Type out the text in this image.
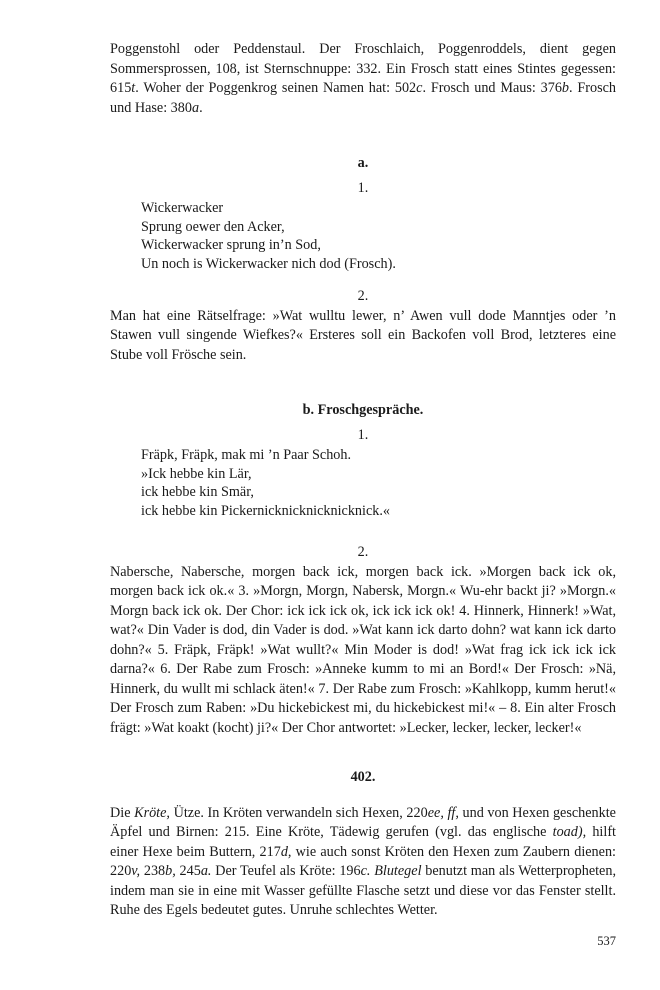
Poggenstohl oder Peddenstaul. Der Froschlaich, Poggenroddels, dient gegen Sommersprossen, 108, ist Sternschnuppe: 332. Ein Frosch statt eines Stintes gegessen: 615t. Woher der Poggenkrog seinen Namen hat: 502c. Frosch und Maus: 376b. Frosch und Hase: 380a.

a.
1.
Wickerwacker
Sprung oewer den Acker,
Wickerwacker sprung in’n Sod,
Un noch is Wickerwacker nich dod (Frosch).
2.

Man hat eine Rätselfrage: »Wat wulltu lewer, n’ Awen vull dode Manntjes oder ’n Stawen vull singende Wiefkes?« Ersteres soll ein Backofen voll Brod, letzteres eine Stube voll Frösche sein.

b. Froschgespräche.
1.
Fräрk, Fräрk, mak mi ’n Paar Schoh.
»Ick hebbe kin Lär,
ick hebbe kin Smär,
ick hebbe kin Pickernicknicknicknicknick.«
2.

Nabersche, Nabersche, morgen back ick, morgen back ick. »Morgen back ick ok, morgen back ick ok.« 3. »Morgn, Morgn, Nabersk, Morgn.« Wu-ehr backt ji? »Morgn.« Morgn back ick ok. Der Chor: ick ick ick ok, ick ick ick ok! 4. Hinnerk, Hinnerk! »Wat, wat?« Din Vader is dod, din Vader is dod. »Wat kann ick darto dohn? wat kann ick darto dohn?« 5. Fräрk, Fräрk! »Wat wullt?« Min Moder is dod! »Wat frag ick ick ick ick darna?« 6. Der Rabe zum Frosch: »Anneke kumm to mi an Bord!« Der Frosch: »Nä, Hinnerk, du wullt mi schlack äten!« 7. Der Rabe zum Frosch: »Kahlkopp, kumm herut!« Der Frosch zum Raben: »Du hickebickest mi, du hickebickest mi!« – 8. Ein alter Frosch frägt: »Wat koakt (kocht) ji?« Der Chor antwortet: »Lecker, lecker, lecker, lecker!«

402.

Die Kröte, Ütze. In Kröten verwandeln sich Hexen, 220ee, ff, und von Hexen geschenkte Äpfel und Birnen: 215. Eine Kröte, Tädewig gerufen (vgl. das englische toad), hilft einer Hexe beim Buttern, 217d, wie auch sonst Kröten den Hexen zum Zaubern dienen: 220v, 238b, 245a. Der Teufel als Kröte: 196c. Blutegel benutzt man als Wetterpropheten, indem man sie in eine mit Wasser gefüllte Flasche setzt und diese vor das Fenster stellt. Ruhe des Egels bedeutet gutes. Unruhe schlechtes Wetter.

537
